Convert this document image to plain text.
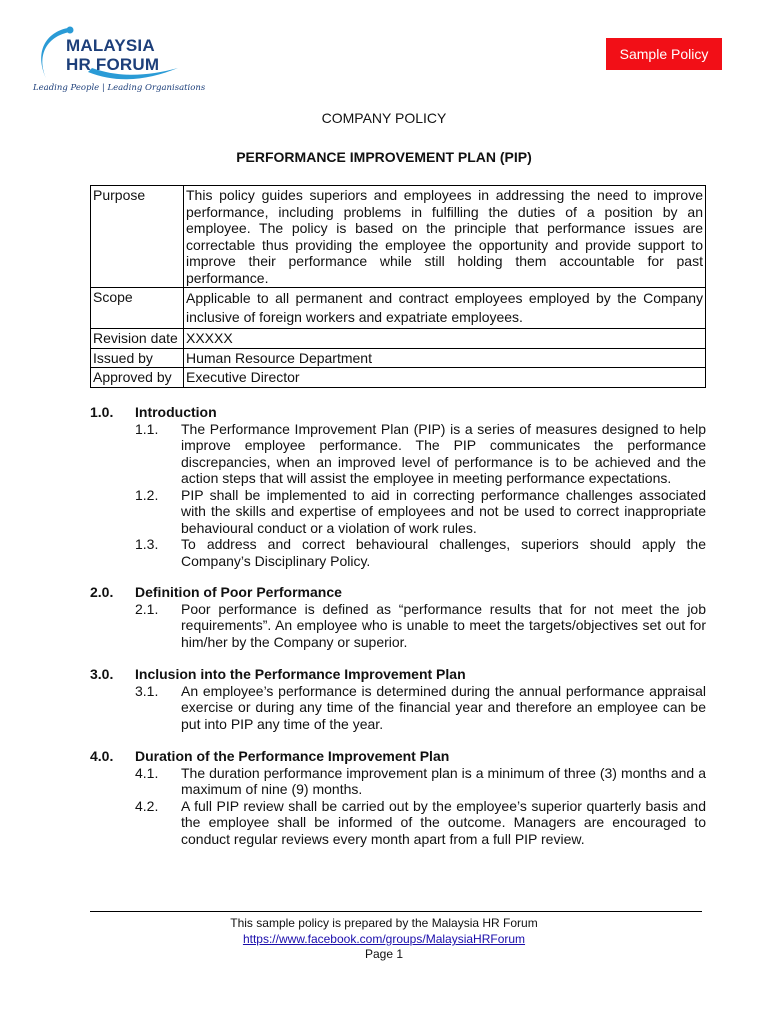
MALAYSIA
HR FORUM
Leading People | Leading Organisations
Sample Policy
COMPANY POLICY
PERFORMANCE IMPROVEMENT PLAN (PIP)
Purpose	This policy guides superiors and employees in addressing the need to improve performance, including problems in fulfilling the duties of a position by an employee. The policy is based on the principle that performance issues are correctable thus providing the employee the opportunity and provide support to improve their performance while still holding them accountable for past performance.
Scope	Applicable to all permanent and contract employees employed by the Company inclusive of foreign workers and expatriate employees.
Revision date	XXXXX
Issued by	Human Resource Department
Approved by	Executive Director
1.0.	Introduction
1.1.	The Performance Improvement Plan (PIP) is a series of measures designed to help improve employee performance. The PIP communicates the performance discrepancies, when an improved level of performance is to be achieved and the action steps that will assist the employee in meeting performance expectations.
1.2.	PIP shall be implemented to aid in correcting performance challenges associated with the skills and expertise of employees and not be used to correct inappropriate behavioural conduct or a violation of work rules.
1.3.	To address and correct behavioural challenges, superiors should apply the Company’s Disciplinary Policy.
2.0.	Definition of Poor Performance
2.1.	Poor performance is defined as “performance results that for not meet the job requirements”. An employee who is unable to meet the targets/objectives set out for him/her by the Company or superior.
3.0.	Inclusion into the Performance Improvement Plan
3.1.	An employee’s performance is determined during the annual performance appraisal exercise or during any time of the financial year and therefore an employee can be put into PIP any time of the year.
4.0.	Duration of the Performance Improvement Plan
4.1.	The duration performance improvement plan is a minimum of three (3) months and a maximum of nine (9) months.
4.2.	A full PIP review shall be carried out by the employee’s superior quarterly basis and the employee shall be informed of the outcome. Managers are encouraged to conduct regular reviews every month apart from a full PIP review.
This sample policy is prepared by the Malaysia HR Forum
https://www.facebook.com/groups/MalaysiaHRForum
Page 1
